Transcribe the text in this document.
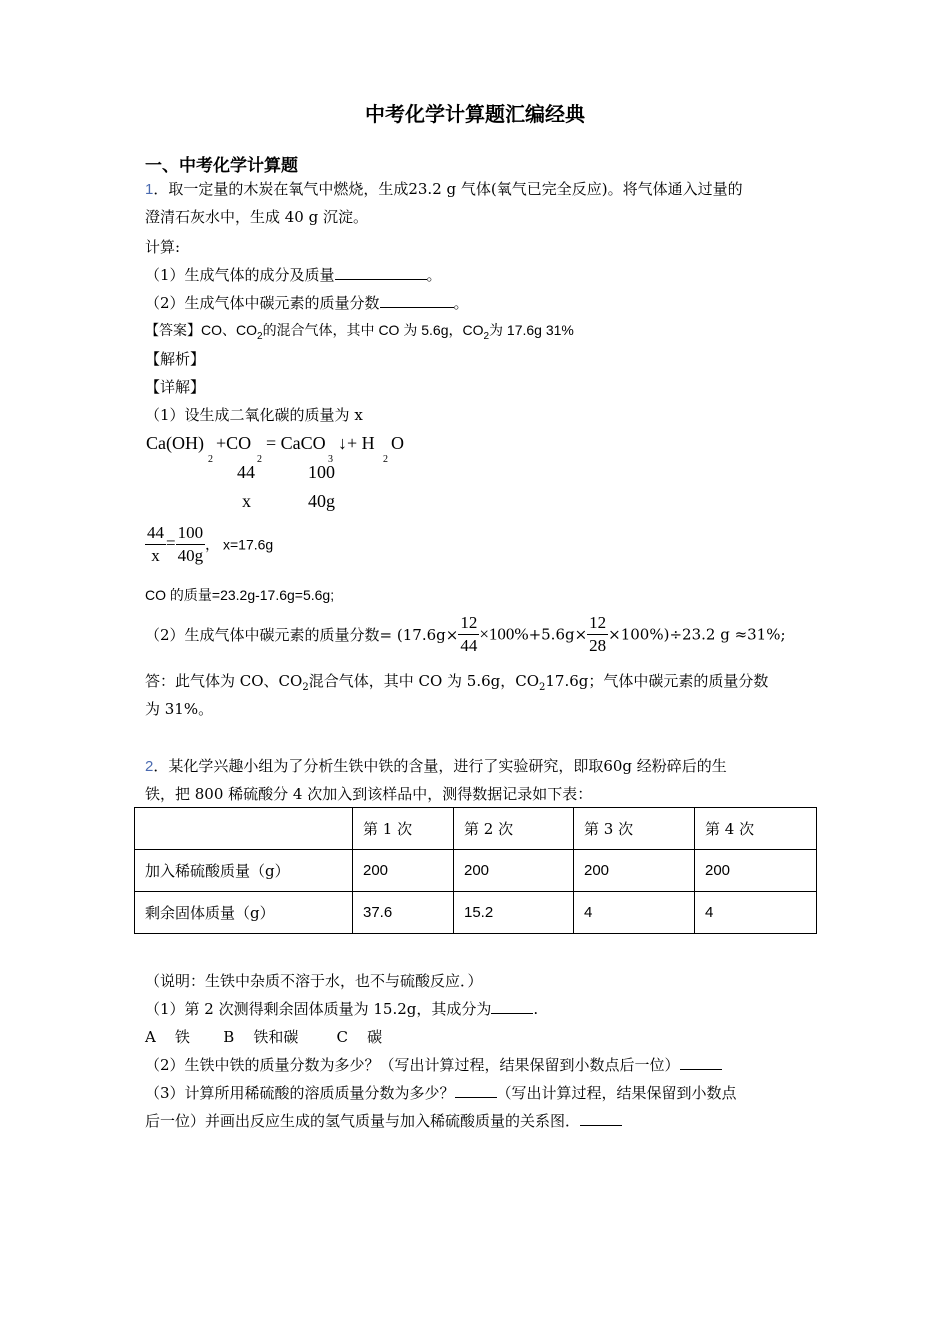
中考化学计算题汇编经典
一、中考化学计算题
1．取一定量的木炭在氧气中燃烧，生成23.2 g 气体(氧气已完全反应)。将气体通入过量的
澄清石灰水中，生成 40 g 沉淀。
计算:
（1）生成气体的成分及质量	。
（2）生成气体中碳元素的质量分数	。
【答案】CO、$CO_2$的混合气体，其中 CO 为 5.6g，$CO_2$为 17.6g 31%
【解析】
【详解】
（1）设生成二氧化碳的质量为 x
Ca(OH)
2
+CO
2
= CaCO
3
↓+ H
2
O
44	100
x	40g
$\frac{44}{x} = \frac{100}{40g}$ ， x=17.6g
CO 的质量=23.2g-17.6g=5.6g;
（2）生成气体中碳元素的质量分数= $(17.6g\times \frac{12}{44} \times 100\%+5.6g\times \frac{12}{28} \times 100\%)\div 23.2$ g ≈31%;
答：此气体为 CO、$CO_2$混合气体，其中 CO 为 5.6g，$CO_217.6g$；气体中碳元素的质量分数
为 31%。
2．某化学兴趣小组为了分析生铁中铁的含量，进行了实验研究，即取60g 经粉碎后的生
铁，把 800 稀硫酸分 4 次加入到该样品中，测得数据记录如下表：
	第 1 次	第 2 次	第 3 次	第 4 次
加入稀硫酸质量（g）	200	200	200	200
剩余固体质量（g）	37.6	15.2	4	4
（说明：生铁中杂质不溶于水，也不与硫酸反应．）
（1）第 2 次测得剩余固体质量为 15.2g，其成分为	.
A    铁       B    铁和碳        C    碳
（2）生铁中铁的质量分数为多少？（写出计算过程，结果保留到小数点后一位）
（3）计算所用稀硫酸的溶质质量分数为多少？	（写出计算过程，结果保留到小数点
后一位）并画出反应生成的氢气质量与加入稀硫酸质量的关系图．
